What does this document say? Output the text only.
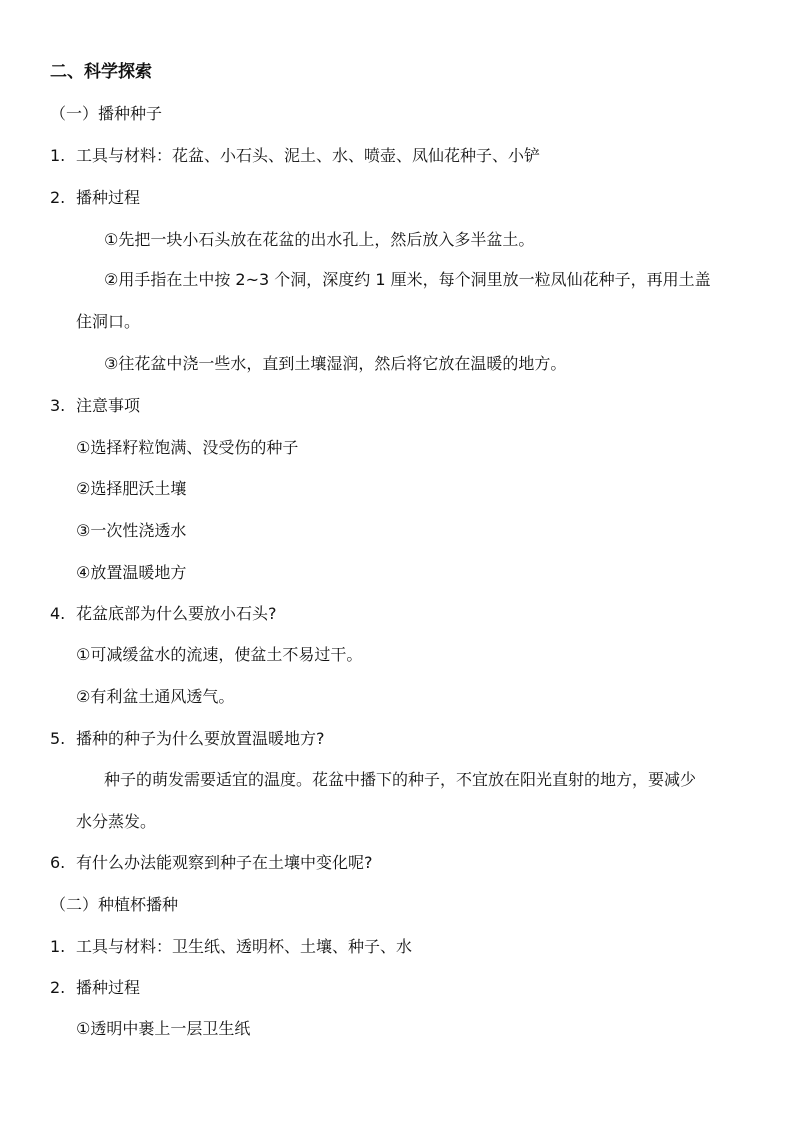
二、科学探索
（一）播种种子
1. 工具与材料：花盆、小石头、泥土、水、喷壶、凤仙花种子、小铲
2. 播种过程
①先把一块小石头放在花盆的出水孔上，然后放入多半盆土。
②用手指在土中按 2~3 个洞，深度约 1 厘米，每个洞里放一粒凤仙花种子，再用土盖
住洞口。
③往花盆中浇一些水，直到土壤湿润，然后将它放在温暖的地方。
3. 注意事项
①选择籽粒饱满、没受伤的种子
②选择肥沃土壤
③一次性浇透水
④放置温暖地方
4. 花盆底部为什么要放小石头?
①可减缓盆水的流速，使盆土不易过干。
②有利盆土通风透气。
5. 播种的种子为什么要放置温暖地方?
种子的萌发需要适宜的温度。花盆中播下的种子，不宜放在阳光直射的地方，要减少
水分蒸发。
6. 有什么办法能观察到种子在土壤中变化呢?
（二）种植杯播种
1. 工具与材料：卫生纸、透明杯、土壤、种子、水
2. 播种过程
①透明中裹上一层卫生纸
